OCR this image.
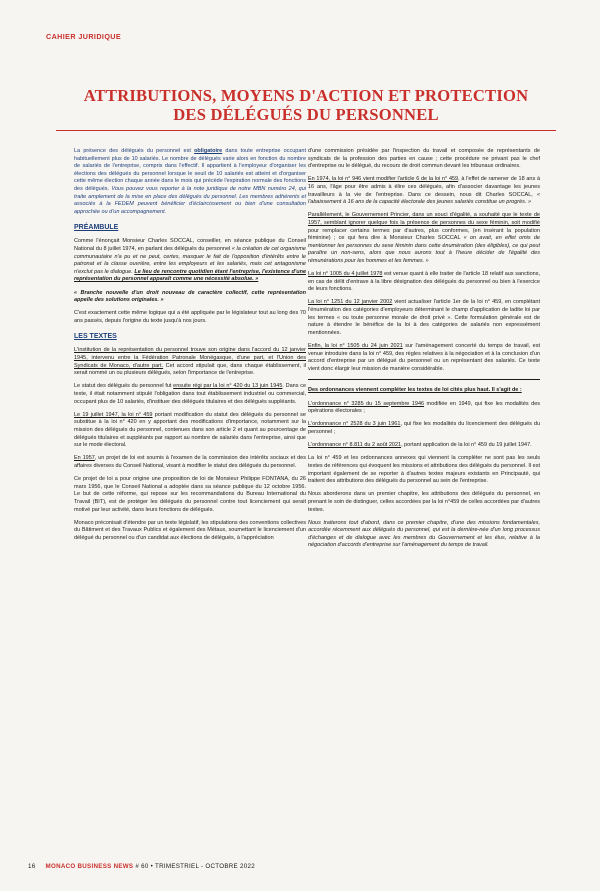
CAHIER JURIDIQUE
ATTRIBUTIONS, MOYENS D'ACTION ET PROTECTION
DES DÉLÉGUÉS DU PERSONNEL
La présence des délégués du personnel est obligatoire dans toute entreprise occupant habituellement plus de 10 salariés. Le nombre de délégués varie alors en fonction du nombre de salariés de l'entreprise, compris dans l'effectif. Il appartient à l'employeur d'organiser les élections des délégués du personnel lorsque le seuil de 10 salariés est atteint et d'organiser cette même élection chaque année dans le mois qui précède l'expiration normale des fonctions des délégués. Vous pouvez vous reporter à la note juridique de notre MBN numéro 24, qui traite amplement de la mise en place des délégués du personnel. Les membres adhérents et associés à la FEDEM peuvent bénéficier d'éclaircissement ou bien d'une consultation approchée ou d'un accompagnement.
PRÉAMBULE
Comme l'énonçait Monsieur Charles SOCCAL, conseiller, en séance publique du Conseil National du 8 juillet 1974, en parlant des délégués du personnel « la création de cet organisme communautaire n'a pu et ne peut, certes, masquer le fait de l'opposition d'intérêts entre le patronat et la classe ouvrière, entre les employeurs et les salariés, mais cet antagonisme n'exclut pas le dialogue. Le lieu de rencontre quotidien étant l'entreprise, l'existence d'une représentation du personnel apparaît comme une nécessité absolue. »
« Branche nouvelle d'un droit nouveau de caractère collectif, cette représentation appelle des solutions originales. »
C'est exactement cette même logique qui a été appliquée par le législateur tout au long des 70 ans passés, depuis l'origine du texte jusqu'à nos jours.
LES TEXTES
L'institution de la représentation du personnel trouve son origine dans l'accord du 12 janvier 1945, intervenu entre la Fédération Patronale Monégasque, d'une part, et l'Union des Syndicats de Monaco, d'autre part. Cet accord stipulait que, dans chaque établissement, il serait nommé un ou plusieurs délégués, selon l'importance de l'entreprise.
Le statut des délégués du personnel fut ensuite régi par la loi n° 420 du 13 juin 1945. Dans ce texte, il était notamment stipulé l'obligation dans tout établissement industriel ou commercial, occupant plus de 10 salariés, d'instituer des délégués titulaires et des délégués suppléants.
Le 19 juillet 1947, la loi n° 459 portant modification du statut des délégués du personnel se substitue à la loi n° 420 en y apportant des modifications d'importance, notamment sur la mission des délégués du personnel, contenues dans son article 2 et quant au pourcentage de délégués titulaires et suppléants par rapport au nombre de salariés dans l'entreprise, ainsi que sur le mode électoral.
En 1957, un projet de loi est soumis à l'examen de la commission des intérêts sociaux et des affaires diverses du Conseil National, visant à modifier le statut des délégués du personnel.
Ce projet de loi a pour origine une proposition de loi de Monsieur Philippe FONTANA, du 26 mars 1956, que le Conseil National a adoptée dans sa séance publique du 12 octobre 1956. Le but de cette réforme, qui repose sur les recommandations du Bureau International du Travail (BIT), est de protéger les délégués du personnel contre tout licenciement qui serait motivé par leur activité, dans leurs fonctions de délégués.
Monaco préconisait d'étendre par un texte législatif, les stipulations des conventions collectives du Bâtiment et des Travaux Publics et également des Métaux, soumettant le licenciement d'un délégué du personnel ou d'un candidat aux élections de délégués, à l'appréciation
d'une commission présidée par l'inspection du travail et composée de représentants de syndicats de la profession des parties en cause ; cette procédure ne privant pas le chef d'entreprise ou le délégué, du recours de droit commun devant les tribunaux ordinaires.
En 1974, la loi n° 946 vient modifier l'article 6 de la loi n° 459, à l'effet de ramener de 18 ans à 16 ans, l'âge pour être admis à élire ces délégués, afin d'associer davantage les jeunes travailleurs à la vie de l'entreprise. Dans ce dessein, nous dit Charles SOCCAL, « l'abaissement à 16 ans de la capacité électorale des jeunes salariés constitue un progrès. »
Parallèlement, le Gouvernement Princier, dans un souci d'égalité, a souhaité que le texte de 1957, semblant ignorer quelque fois la présence de personnes du sexe féminin, soit modifié pour remplacer certains termes par d'autres, plus conformes, (en insérant la population féminine) ; ce qui fera dire à Monsieur Charles SOCCAL « on avait, en effet omis de mentionner les personnes du sexe féminin dans cette énumération (des éligibles), ce qui peut paraître un non-sens, alors que nous aurons tout à l'heure décider de l'égalité des rémunérations pour les hommes et les femmes. »
La loi n° 1005 du 4 juillet 1978 est venue quant à elle traiter de l'article 18 relatif aux sanctions, en cas de délit d'entrave à la libre désignation des délégués du personnel ou bien à l'exercice de leurs fonctions.
La loi n° 1251 du 12 janvier 2002 vient actualiser l'article 1er de la loi n° 459, en complétant l'énumération des catégories d'employeurs déterminant le champ d'application de ladite loi par les termes « ou toute personne morale de droit privé ». Cette formulation générale est de nature à étendre le bénéfice de la loi à des catégories de salariés non expressément mentionnées.
Enfin, la loi n° 1505 du 24 juin 2021 sur l'aménagement concerté du temps de travail, est venue introduire dans la loi n° 459, des règles relatives à la négociation et à la conclusion d'un accord d'entreprise par un délégué du personnel ou un représentant des salariés. Ce texte vient donc élargir leur mission de manière considérable.
Des ordonnances viennent compléter les textes de loi cités plus haut. Il s'agit de :
L'ordonnance n° 3285 du 15 septembre 1946 modifiée en 1949, qui fixe les modalités des opérations électorales ;
L'ordonnance n° 2528 du 3 juin 1961, qui fixe les modalités du licenciement des délégués du personnel ;
L'ordonnance n° 8.811 du 2 août 2021, portant application de la loi n° 459 du 19 juillet 1947.
La loi n° 459 et les ordonnances annexes qui viennent la compléter ne sont pas les seuls textes de références qui évoquent les missions et attributions des délégués du personnel. Il est important également de se reporter à d'autres textes majeurs existants en Principauté, qui traitent des attributions des délégués du personnel au sein de l'entreprise.
Nous aborderons dans un premier chapitre, les attributions des délégués du personnel, en prenant le soin de distinguer, celles accordées par la loi n°459 de celles accordées par d'autres textes.
Nous traiterons tout d'abord, dans ce premier chapitre, d'une des missions fondamentales, accordée récemment aux délégués du personnel, qui est la dernière-née d'un long processus d'échanges et de dialogue avec les membres du Gouvernement et les élus, relative à la négociation d'accords d'entreprise sur l'aménagement du temps de travail.
16 MONACO BUSINESS NEWS # 60 • TRIMESTRIEL - OCTOBRE 2022
